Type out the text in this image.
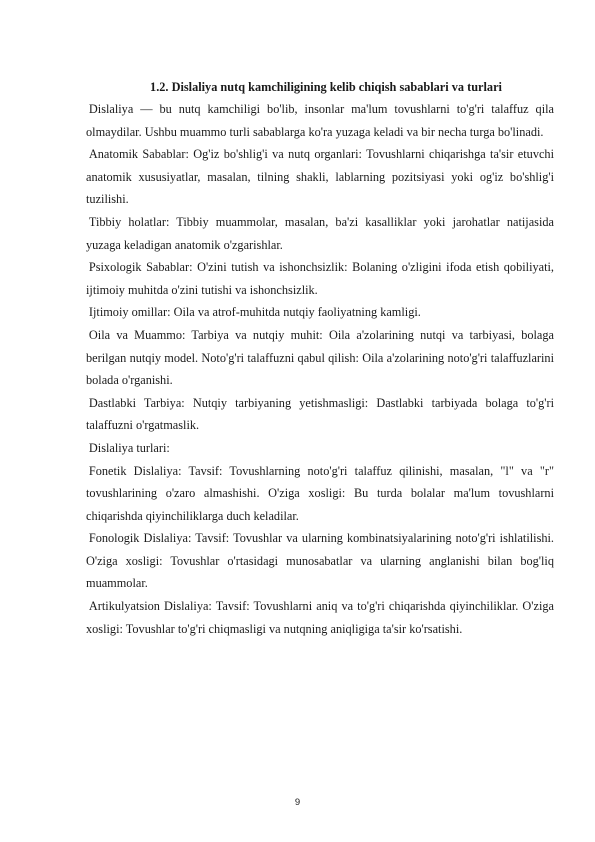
1.2. Dislaliya nutq kamchiligining kelib chiqish sabablari va turlari

Dislaliya — bu nutq kamchiligi bo'lib, insonlar ma'lum tovushlarni to'g'ri talaffuz qila olmaydilar. Ushbu muammo turli sabablarga ko'ra yuzaga keladi va bir necha turga bo'linadi.

Anatomik Sabablar: Og'iz bo'shlig'i va nutq organlari: Tovushlarni chiqarishga ta'sir etuvchi anatomik xususiyatlar, masalan, tilning shakli, lablarning pozitsiyasi yoki og'iz bo'shlig'i tuzilishi.

Tibbiy holatlar: Tibbiy muammolar, masalan, ba'zi kasalliklar yoki jarohatlar natijasida yuzaga keladigan anatomik o'zgarishlar.

Psixologik Sabablar: O'zini tutish va ishonchsizlik: Bolaning o'zligini ifoda etish qobiliyati, ijtimoiy muhitda o'zini tutishi va ishonchsizlik.

Ijtimoiy omillar: Oila va atrof-muhitda nutqiy faoliyatning kamligi.

Oila va Muammo: Tarbiya va nutqiy muhit: Oila a'zolarining nutqi va tarbiyasi, bolaga berilgan nutqiy model. Noto'g'ri talaffuzni qabul qilish: Oila a'zolarining noto'g'ri talaffuzlarini bolada o'rganishi.

Dastlabki Tarbiya: Nutqiy tarbiyaning yetishmasligi: Dastlabki tarbiyada bolaga to'g'ri talaffuzni o'rgatmaslik.

Dislaliya turlari:

Fonetik Dislaliya: Tavsif: Tovushlarning noto'g'ri talaffuz qilinishi, masalan, "l" va "r" tovushlarining o'zaro almashishi. O'ziga xosligi: Bu turda bolalar ma'lum tovushlarni chiqarishda qiyinchiliklarga duch keladilar.

Fonologik Dislaliya: Tavsif: Tovushlar va ularning kombinatsiyalarining noto'g'ri ishlatilishi. O'ziga xosligi: Tovushlar o'rtasidagi munosabatlar va ularning anglanishi bilan bog'liq muammolar.

Artikulyatsion Dislaliya: Tavsif: Tovushlarni aniq va to'g'ri chiqarishda qiyinchiliklar. O'ziga xosligi: Tovushlar to'g'ri chiqmasligi va nutqning aniqligiga ta'sir ko'rsatishi.

9
